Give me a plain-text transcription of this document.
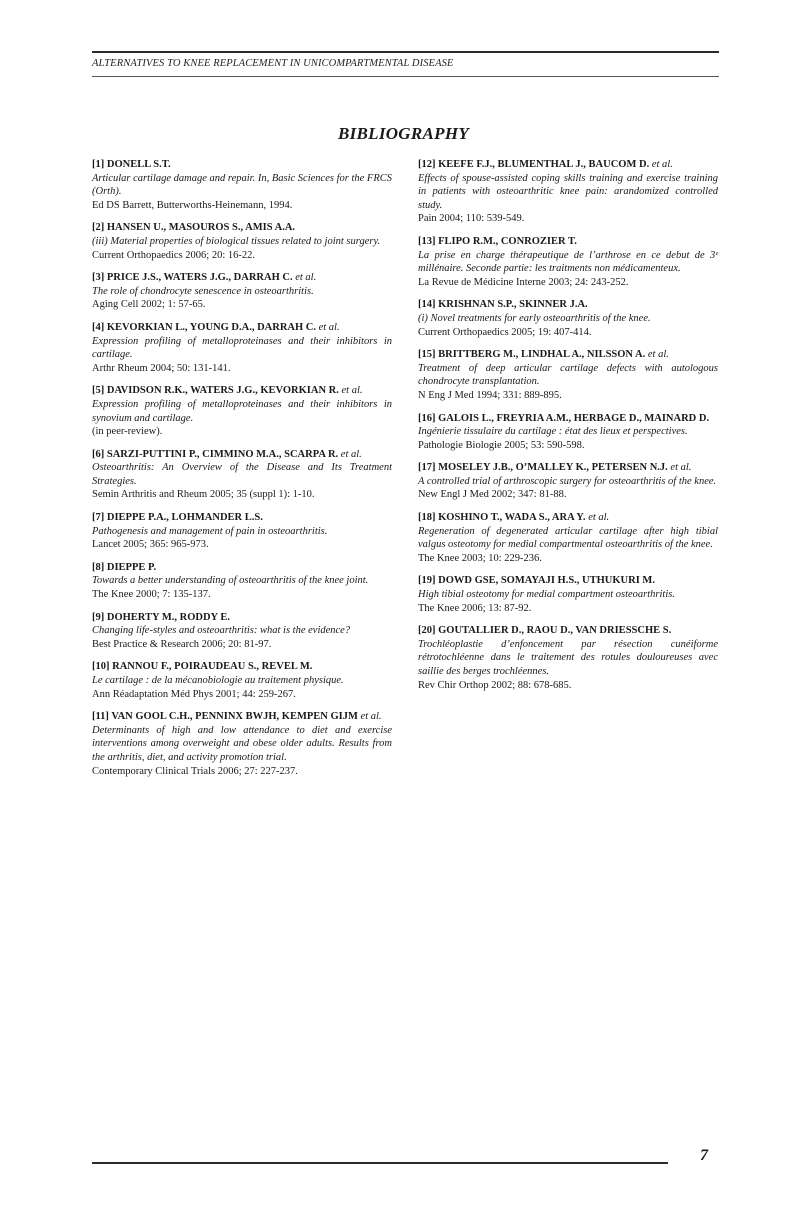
ALTERNATIVES TO KNEE REPLACEMENT IN UNICOMPARTMENTAL DISEASE
BIBLIOGRAPHY
[1] DONELL S.T.
Articular cartilage damage and repair. In, Basic Sciences for the FRCS (Orth).
Ed DS Barrett, Butterworths-Heinemann, 1994.
[2] HANSEN U., MASOUROS S., AMIS A.A.
(iii) Material properties of biological tissues related to joint surgery.
Current Orthopaedics 2006; 20: 16-22.
[3] PRICE J.S., WATERS J.G., DARRAH C. et al.
The role of chondrocyte senescence in osteoarthritis.
Aging Cell 2002; 1: 57-65.
[4] KEVORKIAN L., YOUNG D.A., DARRAH C. et al.
Expression profiling of metalloproteinases and their inhibitors in cartilage.
Arthr Rheum 2004; 50: 131-141.
[5] DAVIDSON R.K., WATERS J.G., KEVORKIAN R. et al.
Expression profiling of metalloproteinases and their inhibitors in synovium and cartilage.
(in peer-review).
[6] SARZI-PUTTINI P., CIMMINO M.A., SCARPA R. et al.
Osteoarthritis: An Overview of the Disease and Its Treatment Strategies.
Semin Arthritis and Rheum 2005; 35 (suppl 1): 1-10.
[7] DIEPPE P.A., LOHMANDER L.S.
Pathogenesis and management of pain in osteoarthritis.
Lancet 2005; 365: 965-973.
[8] DIEPPE P.
Towards a better understanding of osteoarthritis of the knee joint.
The Knee 2000; 7: 135-137.
[9] DOHERTY M., RODDY E.
Changing life-styles and osteoarthritis: what is the evidence?
Best Practice & Research 2006; 20: 81-97.
[10] RANNOU F., POIRAUDEAU S., REVEL M.
Le cartilage : de la mécanobiologie au traitement physique.
Ann Réadaptation Méd Phys 2001; 44: 259-267.
[11] VAN GOOL C.H., PENNINX BWJH, KEMPEN GIJM et al.
Determinants of high and low attendance to diet and exercise interventions among overweight and obese older adults. Results from the arthritis, diet, and activity promotion trial.
Contemporary Clinical Trials 2006; 27: 227-237.
[12] KEEFE F.J., BLUMENTHAL J., BAUCOM D. et al.
Effects of spouse-assisted coping skills training and exercise training in patients with osteoarthritic knee pain: arandomized controlled study.
Pain 2004; 110: 539-549.
[13] FLIPO R.M., CONROZIER T.
La prise en charge thérapeutique de l’arthrose en ce debut de 3ᵉ millénaire. Seconde partie: les traitments non médicamenteux.
La Revue de Médicine Interne 2003; 24: 243-252.
[14] KRISHNAN S.P., SKINNER J.A.
(i) Novel treatments for early osteoarthritis of the knee.
Current Orthopaedics 2005; 19: 407-414.
[15] BRITTBERG M., LINDHAL A., NILSSON A. et al.
Treatment of deep articular cartilage defects with autologous chondrocyte transplantation.
N Eng J Med 1994; 331: 889-895.
[16] GALOIS L., FREYRIA A.M., HERBAGE D., MAINARD D.
Ingénierie tissulaire du cartilage : état des lieux et perspectives.
Pathologie Biologie 2005; 53: 590-598.
[17] MOSELEY J.B., O’MALLEY K., PETERSEN N.J. et al.
A controlled trial of arthroscopic surgery for osteoarthritis of the knee.
New Engl J Med 2002; 347: 81-88.
[18] KOSHINO T., WADA S., ARA Y. et al.
Regeneration of degenerated articular cartilage after high tibial valgus osteotomy for medial compartmental osteoarthritis of the knee.
The Knee 2003; 10: 229-236.
[19] DOWD GSE, SOMAYAJI H.S., UTHUKURI M.
High tibial osteotomy for medial compartment osteoarthritis.
The Knee 2006; 13: 87-92.
[20] GOUTALLIER D., RAOU D., VAN DRIESSCHE S.
Trochléoplastie d’enfoncement par résection cunéiforme rétrotochléenne dans le traitement des rotules douloureuses avec saillie des berges trochléennes.
Rev Chir Orthop 2002; 88: 678-685.
7
